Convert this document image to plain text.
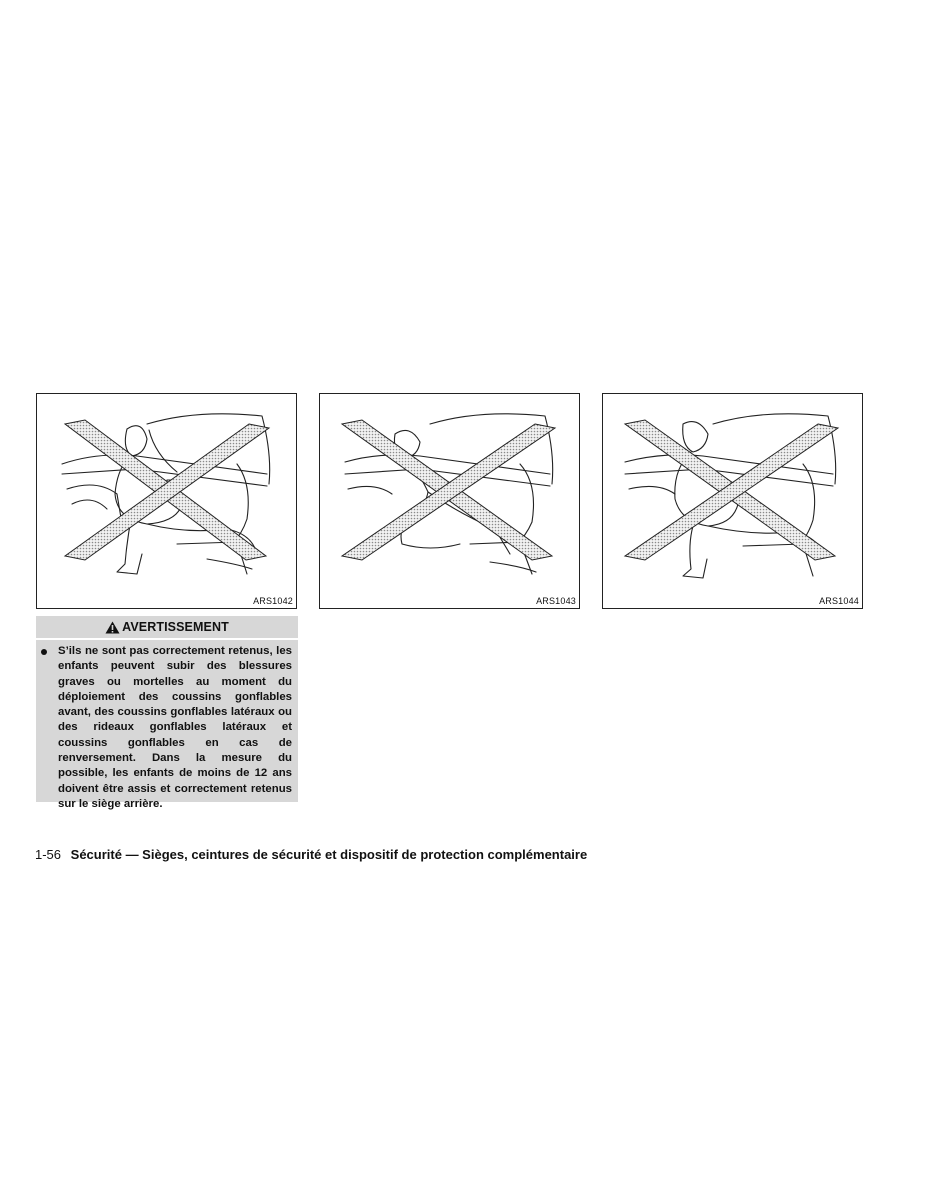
ARS1042	ARS1043	ARS1044
AVERTISSEMENT
S’ils ne sont pas correctement retenus, les enfants peuvent subir des blessures graves ou mortelles au moment du déploiement des coussins gonflables avant, des coussins gonflables latéraux ou des rideaux gonflables latéraux et coussins gonflables en cas de renversement. Dans la mesure du possible, les enfants de moins de 12 ans doivent être assis et correctement retenus sur le siège arrière.
1-56 Sécurité — Sièges, ceintures de sécurité et dispositif de protection complémentaire
